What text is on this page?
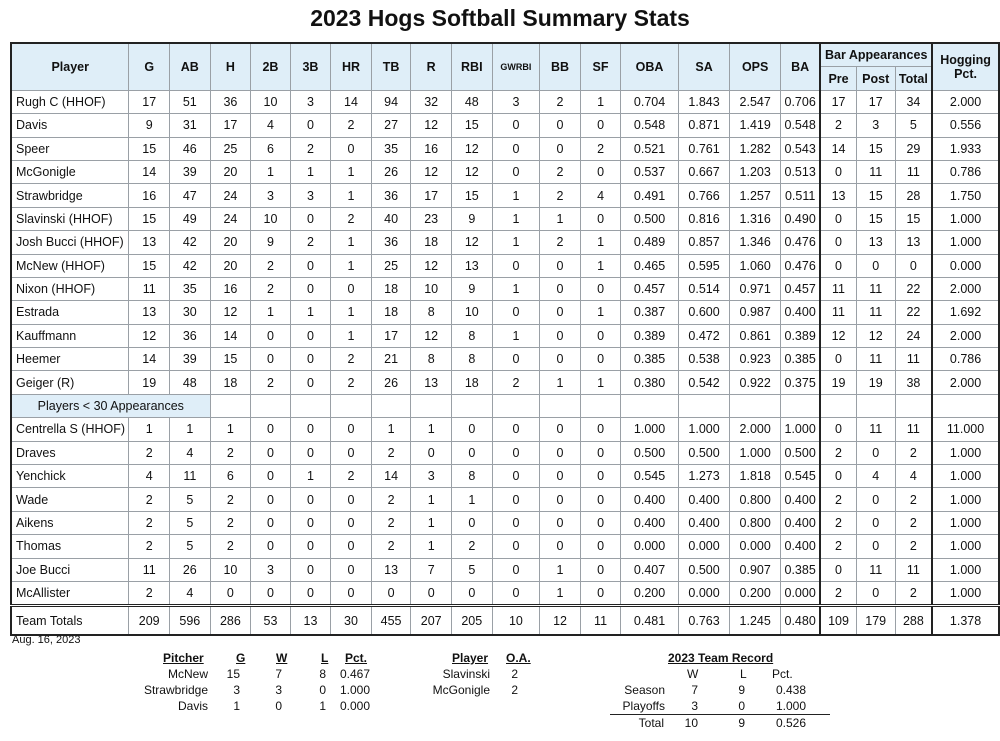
2023 Hogs Softball Summary Stats
Player	G	AB	H	2B	3B	HR	TB	R	RBI	GWRBI	BB	SF	OBA	SA	OPS	BA	Bar Appearances			Hogging Pct.
																	Pre	Post	Total	
Rugh C (HHOF)	17	51	36	10	3	14	94	32	48	3	2	1	0.704	1.843	2.547	0.706	17	17	34	2.000
Davis	9	31	17	4	0	2	27	12	15	0	0	0	0.548	0.871	1.419	0.548	2	3	5	0.556
Speer	15	46	25	6	2	0	35	16	12	0	0	2	0.521	0.761	1.282	0.543	14	15	29	1.933
McGonigle	14	39	20	1	1	1	26	12	12	0	2	0	0.537	0.667	1.203	0.513	0	11	11	0.786
Strawbridge	16	47	24	3	3	1	36	17	15	1	2	4	0.491	0.766	1.257	0.511	13	15	28	1.750
Slavinski (HHOF)	15	49	24	10	0	2	40	23	9	1	1	0	0.500	0.816	1.316	0.490	0	15	15	1.000
Josh Bucci (HHOF)	13	42	20	9	2	1	36	18	12	1	2	1	0.489	0.857	1.346	0.476	0	13	13	1.000
McNew (HHOF)	15	42	20	2	0	1	25	12	13	0	0	1	0.465	0.595	1.060	0.476	0	0	0	0.000
Nixon (HHOF)	11	35	16	2	0	0	18	10	9	1	0	0	0.457	0.514	0.971	0.457	11	11	22	2.000
Estrada	13	30	12	1	1	1	18	8	10	0	0	1	0.387	0.600	0.987	0.400	11	11	22	1.692
Kauffmann	12	36	14	0	0	1	17	12	8	1	0	0	0.389	0.472	0.861	0.389	12	12	24	2.000
Heemer	14	39	15	0	0	2	21	8	8	0	0	0	0.385	0.538	0.923	0.385	0	11	11	0.786
Geiger (R)	19	48	18	2	0	2	26	13	18	2	1	1	0.380	0.542	0.922	0.375	19	19	38	2.000
Players < 30 Appearances																				
Centrella S (HHOF)	1	1	1	0	0	0	1	1	0	0	0	0	1.000	1.000	2.000	1.000	0	11	11	11.000
Draves	2	4	2	0	0	0	2	0	0	0	0	0	0.500	0.500	1.000	0.500	2	0	2	1.000
Yenchick	4	11	6	0	1	2	14	3	8	0	0	0	0.545	1.273	1.818	0.545	0	4	4	1.000
Wade	2	5	2	0	0	0	2	1	1	0	0	0	0.400	0.400	0.800	0.400	2	0	2	1.000
Aikens	2	5	2	0	0	0	2	1	0	0	0	0	0.400	0.400	0.800	0.400	2	0	2	1.000
Thomas	2	5	2	0	0	0	2	1	2	0	0	0	0.000	0.000	0.000	0.400	2	0	2	1.000
Joe Bucci	11	26	10	3	0	0	13	7	5	0	1	0	0.407	0.500	0.907	0.385	0	11	11	1.000
McAllister	2	4	0	0	0	0	0	0	0	0	1	0	0.200	0.000	0.200	0.000	2	0	2	1.000
Team Totals	209	596	286	53	13	30	455	207	205	10	12	11	0.481	0.763	1.245	0.480	109	179	288	1.378
Aug. 16, 2023
Pitcher	G	W	L Pct.
McNew 15	7	8 0.467
Strawbridge 3	3	0 1.000
Davis 1	0	1 0.000
Player O.A.
Slavinski 2
McGonigle 2
2023 Team Record
W	L Pct.
Season 7	9	0.438
Playoffs 3	0	1.000
Total 10	9	0.526
